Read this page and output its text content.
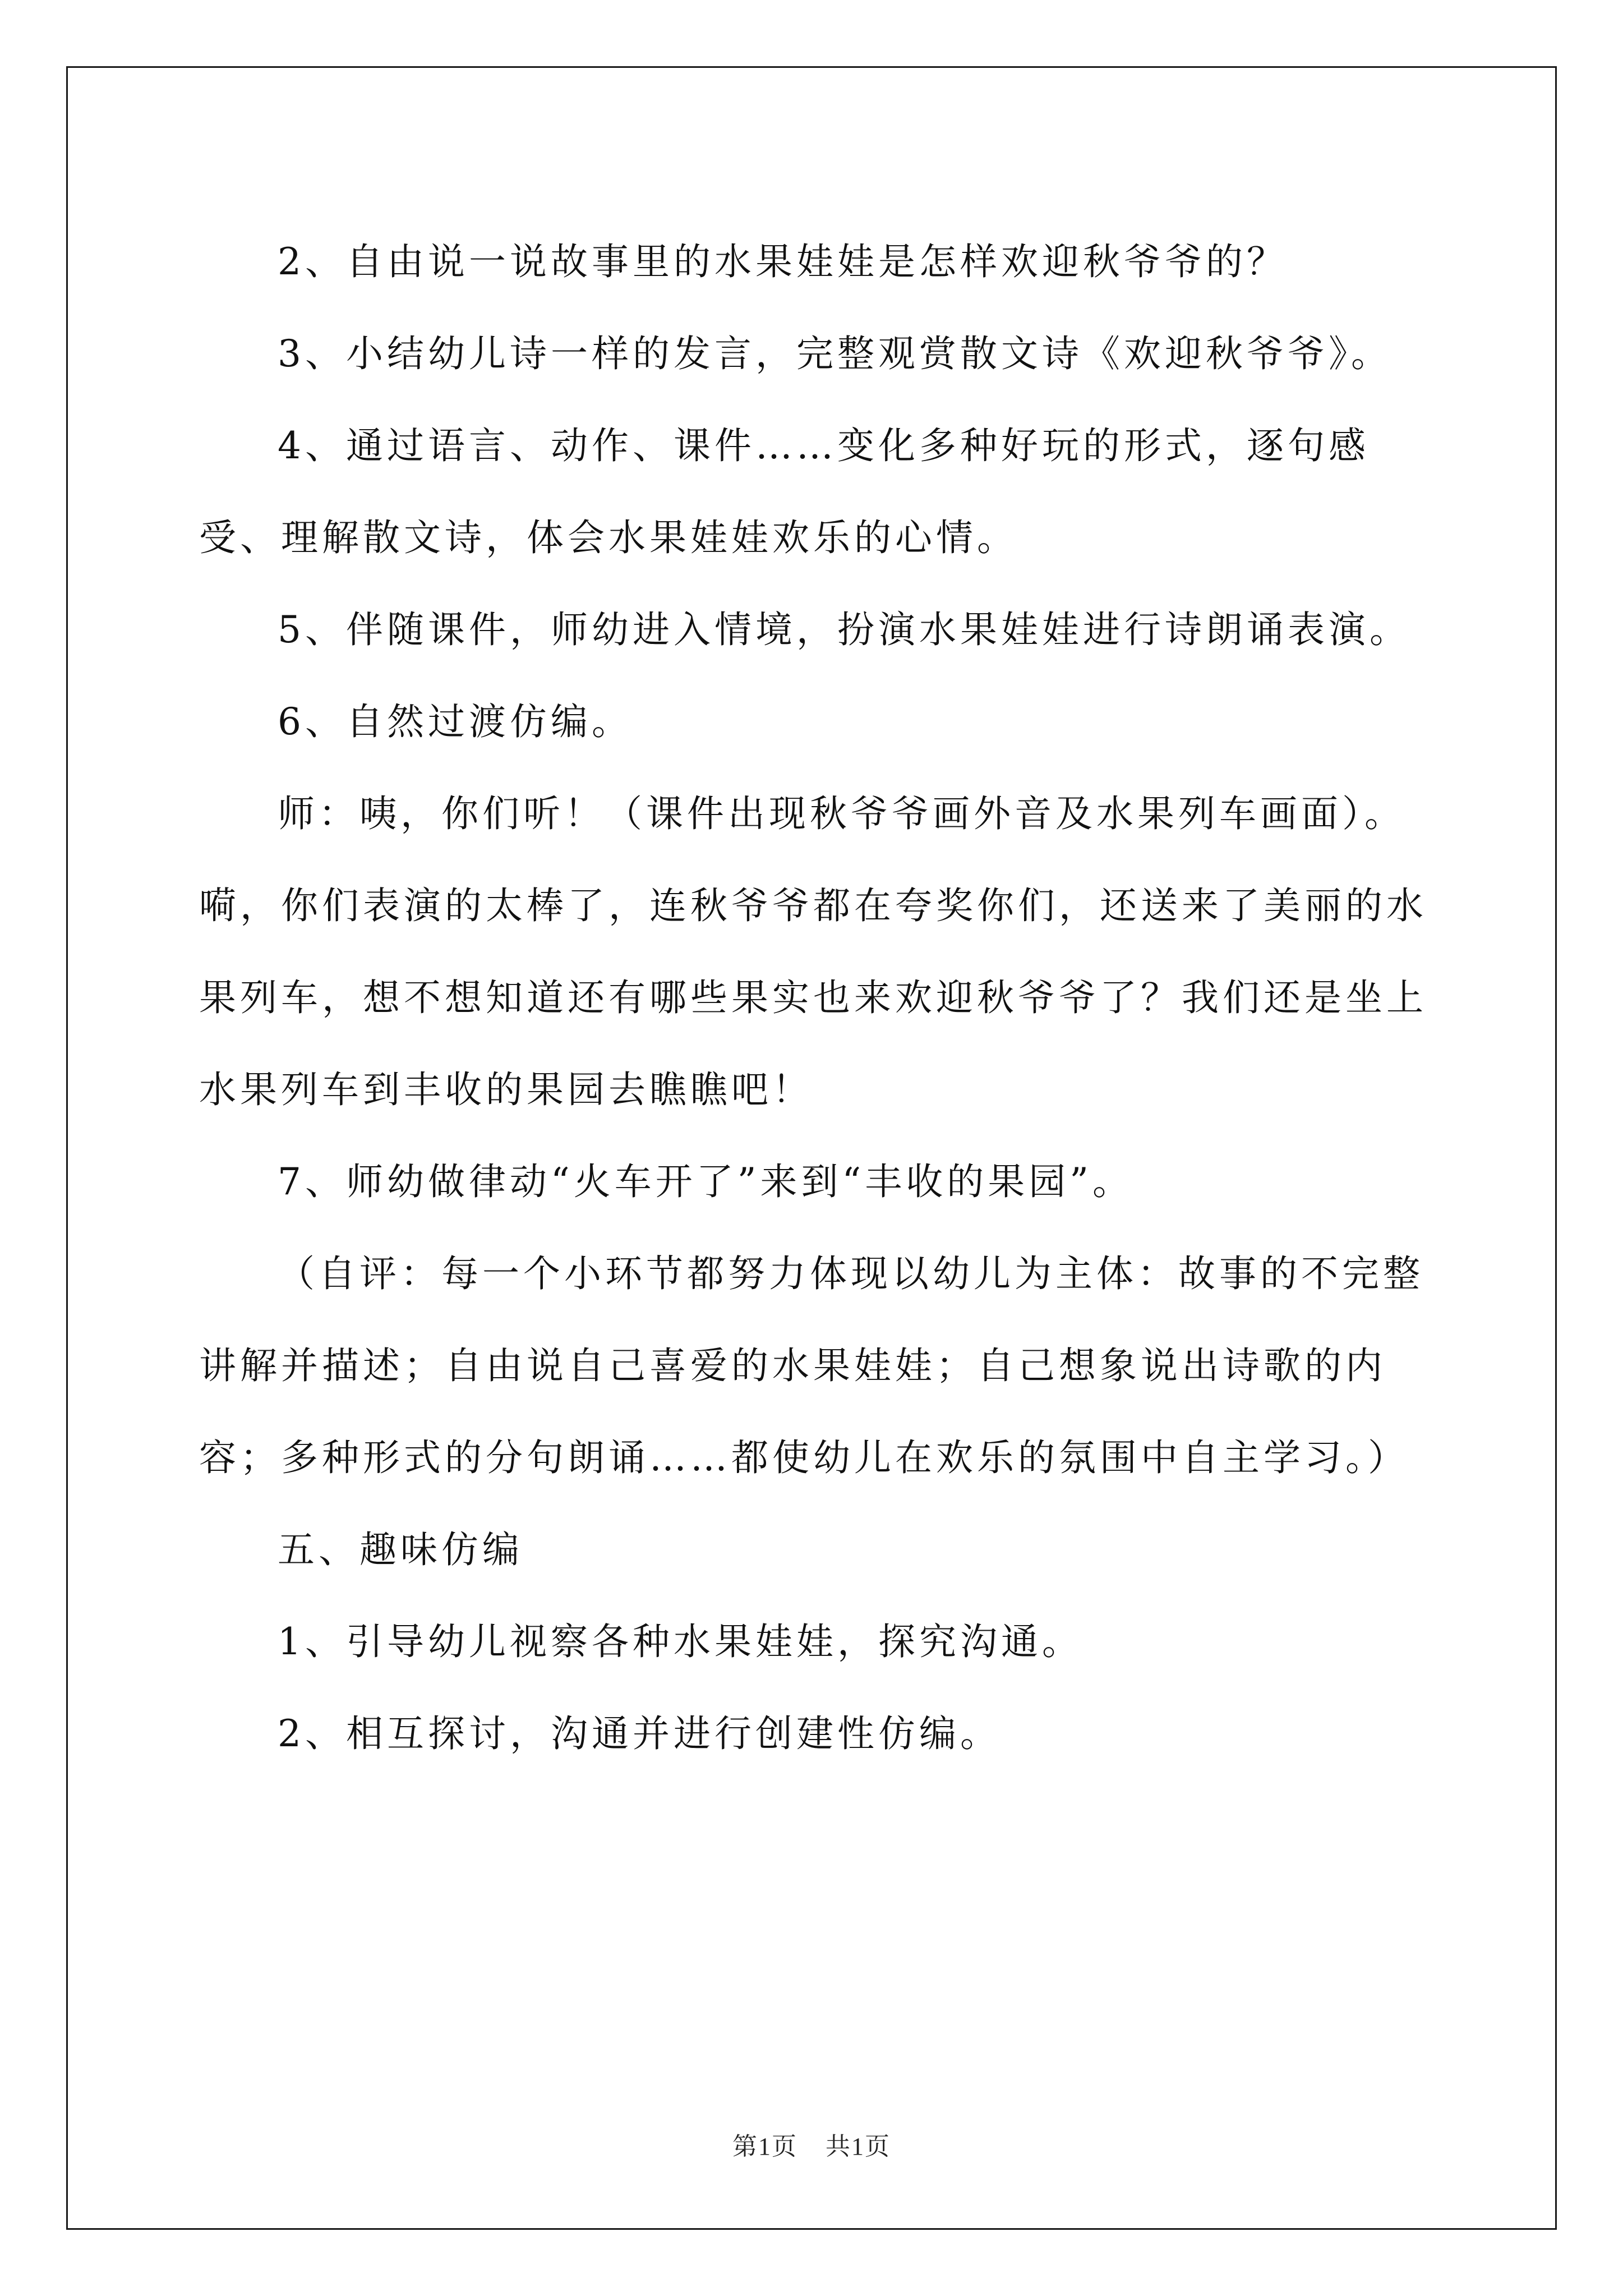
2、自由说一说故事里的水果娃娃是怎样欢迎秋爷爷的？

3、小结幼儿诗一样的发言，完整观赏散文诗《欢迎秋爷爷》。

4、通过语言、动作、课件……变化多种好玩的形式，逐句感受、理解散文诗，体会水果娃娃欢乐的心情。

5、伴随课件，师幼进入情境，扮演水果娃娃进行诗朗诵表演。

6、自然过渡仿编。

师：咦，你们听！（课件出现秋爷爷画外音及水果列车画面）。嗬，你们表演的太棒了，连秋爷爷都在夸奖你们，还送来了美丽的水果列车，想不想知道还有哪些果实也来欢迎秋爷爷了？我们还是坐上水果列车到丰收的果园去瞧瞧吧！

7、师幼做律动“火车开了”来到“丰收的果园”。

（自评：每一个小环节都努力体现以幼儿为主体：故事的不完整讲解并描述；自由说自己喜爱的水果娃娃；自己想象说出诗歌的内容；多种形式的分句朗诵……都使幼儿在欢乐的氛围中自主学习。）

五、趣味仿编

1、引导幼儿视察各种水果娃娃，探究沟通。

2、相互探讨，沟通并进行创建性仿编。

第1页 共1页
